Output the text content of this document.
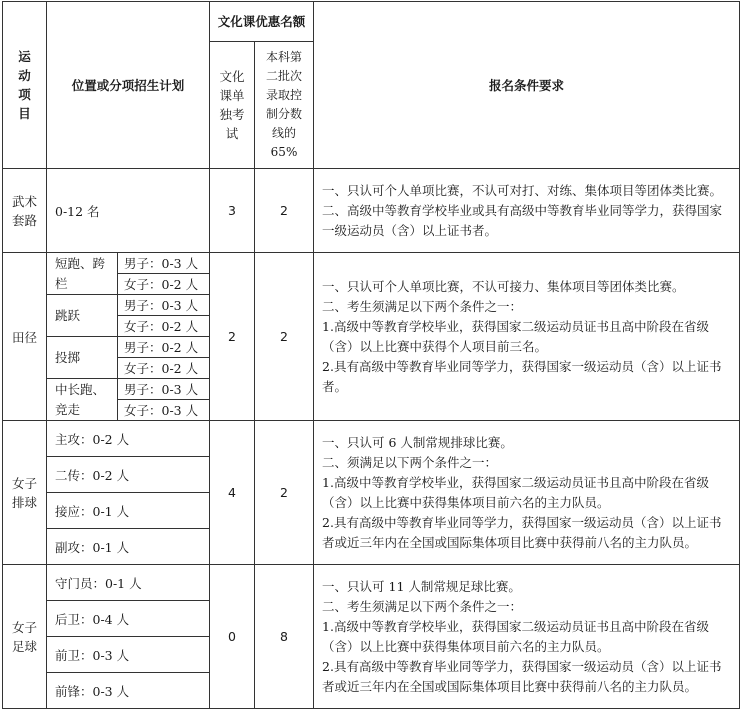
运动项目	位置或分项招生计划		文化课优惠名额		报名条件要求
			文化课单独考试	本科第二批次录取控制分数线的65%	
武术套路	0-12 名		3	2	一、只认可个人单项比赛，不认可对打、对练、集体项目等团体类比赛。

二、高级中等教育学校毕业或具有高级中等教育毕业同等学力，获得国家一级运动员（含）以上证书者。

田径	短跑、跨栏	男子：0-3 人	2	2	一、只认可个人单项比赛，不认可接力、集体项目等团体类比赛。

二、考生须满足以下两个条件之一：

1.高级中等教育学校毕业，获得国家二级运动员证书且高中阶段在省级（含）以上比赛中获得个人项目前三名。

2.具有高级中等教育毕业同等学力，获得国家一级运动员（含）以上证书者。

		女子：0-2 人			
	跳跃	男子：0-3 人			
		女子：0-2 人			
	投掷	男子：0-2 人			
		女子：0-2 人			
	中长跑、竞走	男子：0-3 人			
		女子：0-3 人			
女子排球	主攻：0-2 人		4	2	一、只认可 6 人制常规排球比赛。

二、须满足以下两个条件之一：

1.高级中等教育学校毕业，获得国家二级运动员证书且高中阶段在省级（含）以上比赛中获得集体项目前六名的主力队员。

2.具有高级中等教育毕业同等学力，获得国家一级运动员（含）以上证书者或近三年内在全国或国际集体项目比赛中获得前八名的主力队员。

	二传：0-2 人				
	接应：0-1 人				
	副攻：0-1 人				
女子足球	守门员：0-1 人		0	8	一、只认可 11 人制常规足球比赛。

二、考生须满足以下两个条件之一：

1.高级中等教育学校毕业，获得国家二级运动员证书且高中阶段在省级（含）以上比赛中获得集体项目前六名的主力队员。

2.具有高级中等教育毕业同等学力，获得国家一级运动员（含）以上证书者或近三年内在全国或国际集体项目比赛中获得前八名的主力队员。

	后卫：0-4 人				
	前卫：0-3 人				
	前锋：0-3 人				
